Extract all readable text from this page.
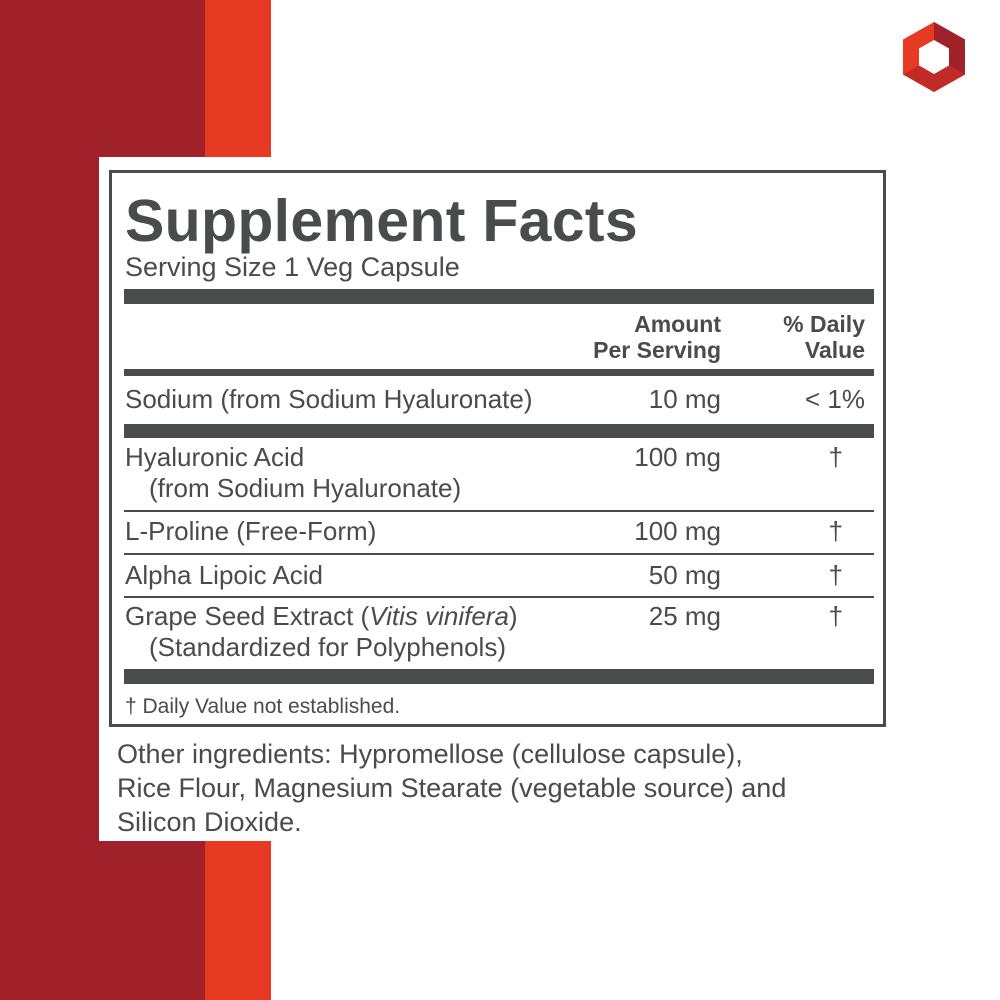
Supplement Facts
Serving Size 1 Veg Capsule
Amount
Per Serving
% Daily
Value
Sodium (from Sodium Hyaluronate)	10 mg	< 1%
Hyaluronic Acid
(from Sodium Hyaluronate)
100 mg	†
L-Proline (Free-Form)	100 mg	†
Alpha Lipoic Acid	50 mg	†
Grape Seed Extract (Vitis vinifera)
(Standardized for Polyphenols)
25 mg	†
† Daily Value not established.
Other ingredients: Hypromellose (cellulose capsule),
Rice Flour, Magnesium Stearate (vegetable source) and
Silicon Dioxide.
